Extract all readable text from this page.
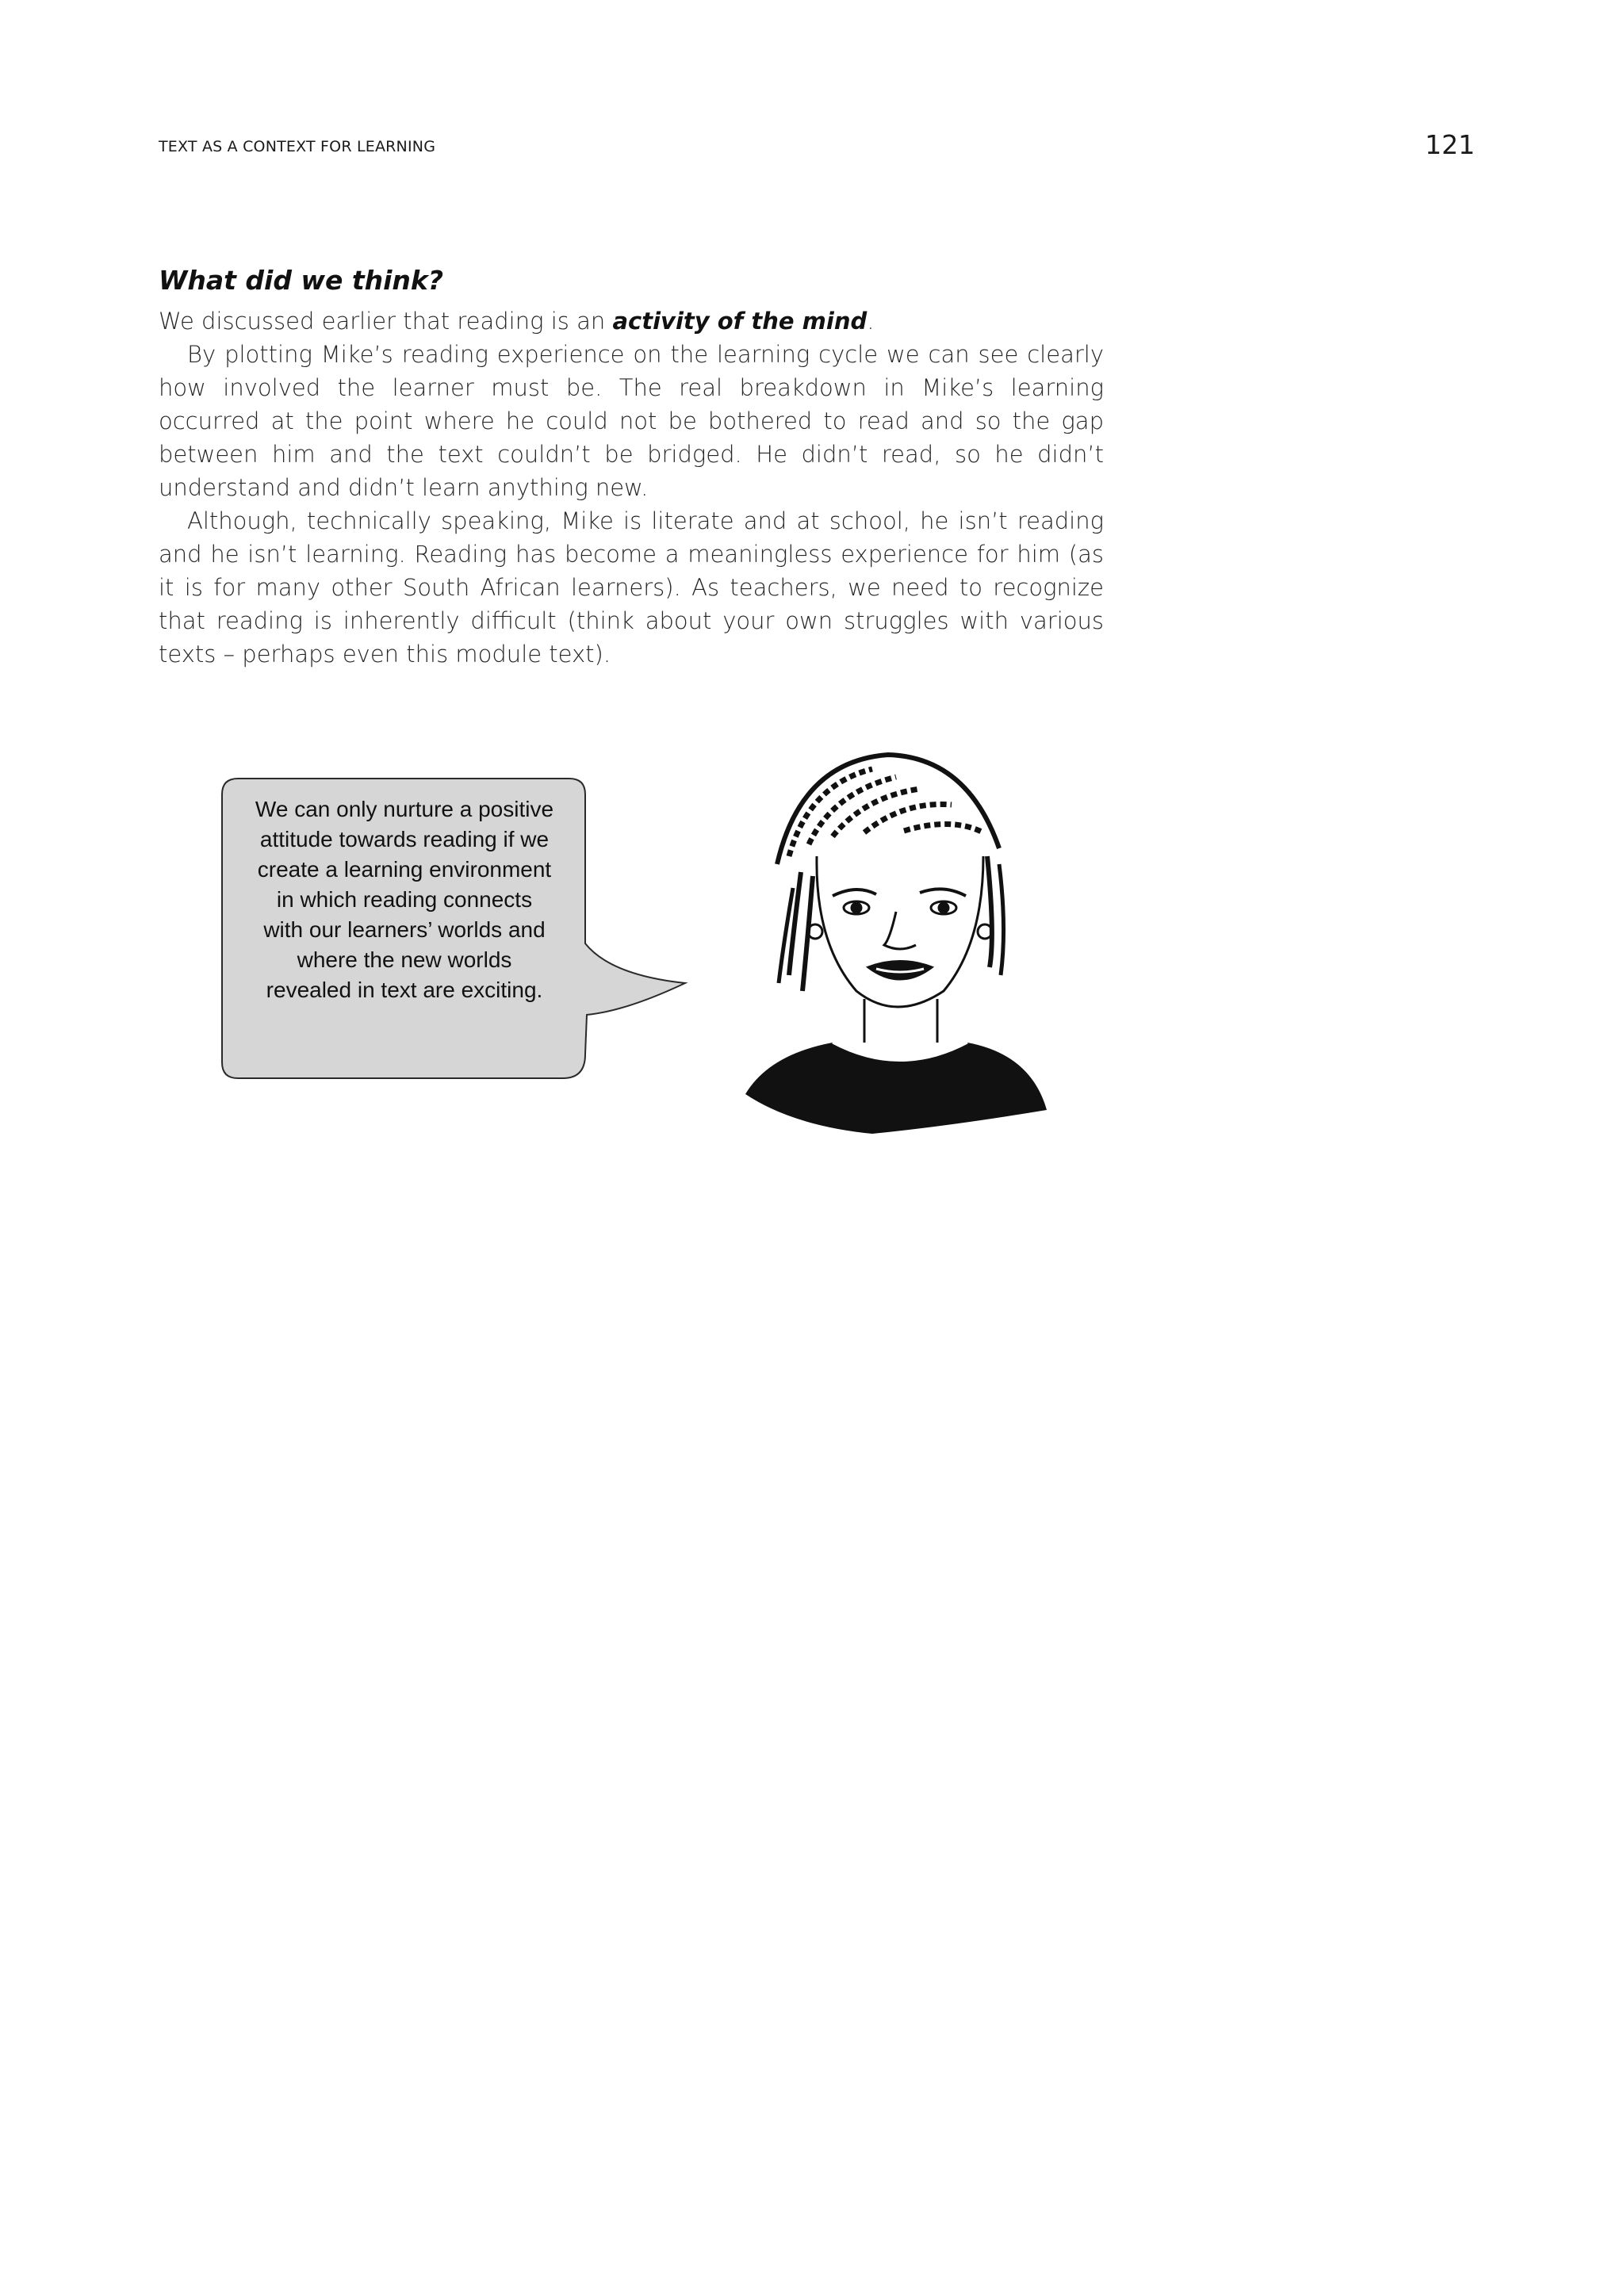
TEXT AS A CONTEXT FOR LEARNING	121
What did we think?

We discussed earlier that reading is an activity of the mind.

By plotting Mike’s reading experience on the learning cycle we can see clearly how involved the learner must be. The real breakdown in Mike’s learning occurred at the point where he could not be bothered to read and so the gap between him and the text couldn’t be bridged. He didn’t read, so he didn’t understand and didn’t learn anything new.

Although, technically speaking, Mike is literate and at school, he isn’t reading and he isn’t learning. Reading has become a meaningless experience for him (as it is for many other South African learners). As teachers, we need to recognize that reading is inherently difficult (think about your own struggles with various texts – perhaps even this module text).

We can only nurture a positive
attitude towards reading if we
create a learning environment
in which reading connects
with our learners’ worlds and
where the new worlds
revealed in text are exciting.
